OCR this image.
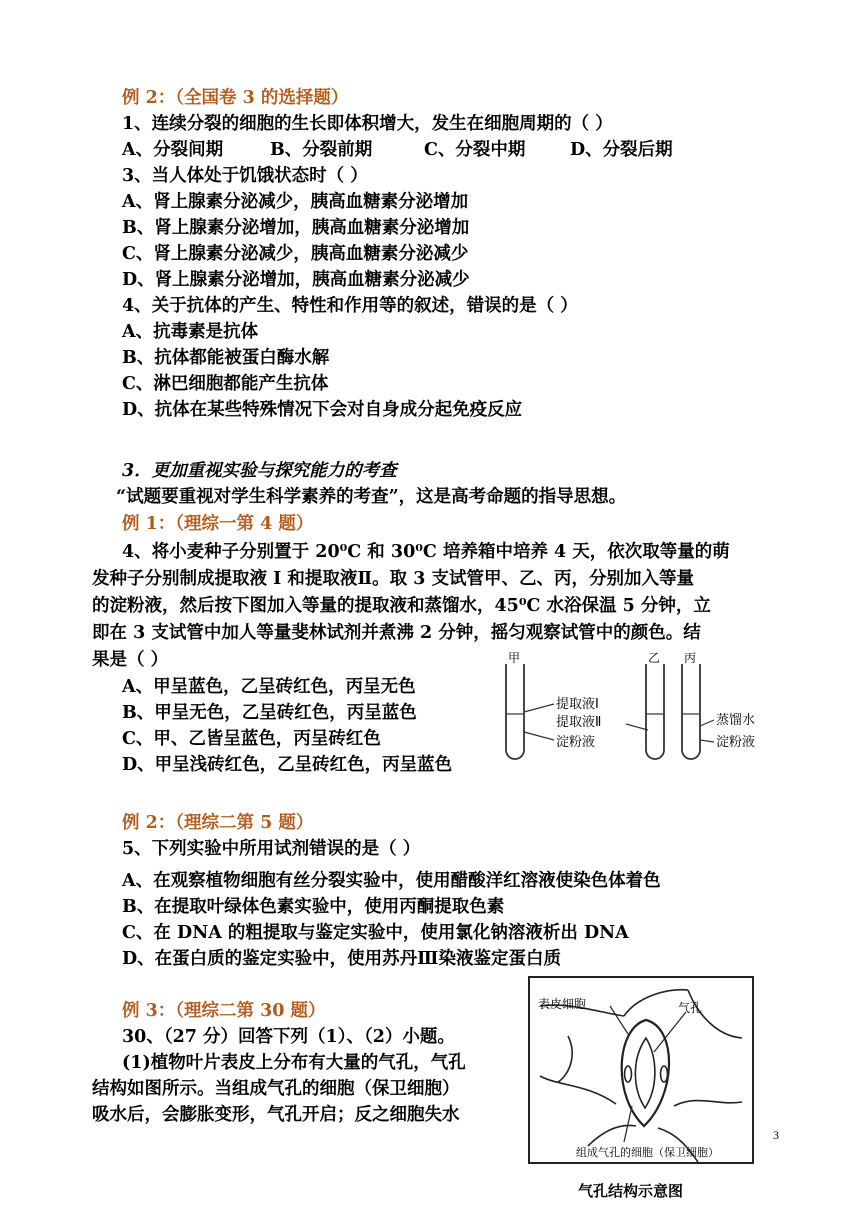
例 2：（全国卷 3 的选择题）
1、连续分裂的细胞的生长即体积增大，发生在细胞周期的（ ）
A、分裂间期	B、分裂前期	C、分裂中期	D、分裂后期
3、当人体处于饥饿状态时（ ）
A、肾上腺素分泌减少，胰高血糖素分泌增加
B、肾上腺素分泌增加，胰高血糖素分泌增加
C、肾上腺素分泌减少，胰高血糖素分泌减少
D、肾上腺素分泌增加，胰高血糖素分泌减少
4、关于抗体的产生、特性和作用等的叙述，错误的是（ ）
A、抗毒素是抗体
B、抗体都能被蛋白酶水解
C、淋巴细胞都能产生抗体
D、抗体在某些特殊情况下会对自身成分起免疫反应
3．更加重视实验与探究能力的考查
“试题要重视对学生科学素养的考查”，这是高考命题的指导思想。
例 1：（理综一第 4 题）
4、将小麦种子分别置于 20⁰C 和 30⁰C 培养箱中培养 4 天，依次取等量的萌
发种子分别制成提取液 I 和提取液Ⅱ。取 3 支试管甲、乙、丙，分别加入等量
的淀粉液，然后按下图加入等量的提取液和蒸馏水，45⁰C 水浴保温 5 分钟，立
即在 3 支试管中加人等量斐林试剂并煮沸 2 分钟，摇匀观察试管中的颜色。结
果是（ ）
A、甲呈蓝色，乙呈砖红色，丙呈无色
B、甲呈无色，乙呈砖红色，丙呈蓝色
C、甲、乙皆呈蓝色，丙呈砖红色
D、甲呈浅砖红色，乙呈砖红色，丙呈蓝色
甲	乙 丙
提取液Ⅰ
提取液Ⅱ
淀粉液
蒸馏水
淀粉液
例 2：（理综二第 5 题）
5、下列实验中所用试剂错误的是（ ）
A、在观察植物细胞有丝分裂实验中，使用醋酸洋红溶液使染色体着色
B、在提取叶绿体色素实验中，使用丙酮提取色素
C、在 DNA 的粗提取与鉴定实验中，使用氯化钠溶液析出 DNA
D、在蛋白质的鉴定实验中，使用苏丹Ⅲ染液鉴定蛋白质
例 3：（理综二第 30 题）
30、（27 分）回答下列（1）、（2）小题。
(1)植物叶片表皮上分布有大量的气孔，气孔
结构如图所示。当组成气孔的细胞（保卫细胞）
吸水后，会膨胀变形，气孔开启；反之细胞失水
表皮细胞	气孔
组成气孔的细胞（保卫细胞）
气孔结构示意图
3
